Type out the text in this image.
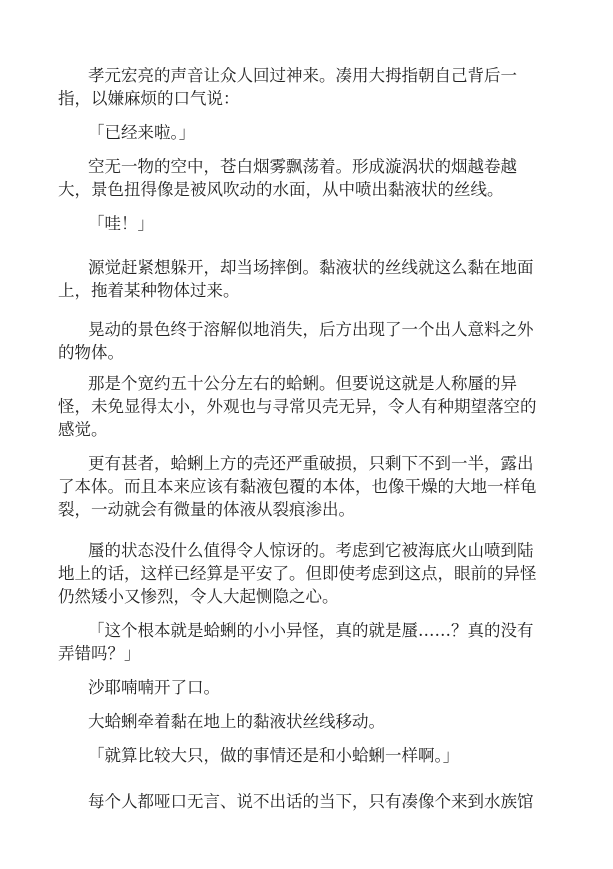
孝元宏亮的声音让众人回过神来。凑用大拇指朝自己背后一
指，以嫌麻烦的口气说：
「已经来啦。」
空无一物的空中，苍白烟雾飘荡着。形成漩涡状的烟越卷越
大，景色扭得像是被风吹动的水面，从中喷出黏液状的丝线。
「哇！」
源觉赶紧想躲开，却当场摔倒。黏液状的丝线就这么黏在地面
上，拖着某种物体过来。
晃动的景色终于溶解似地消失，后方出现了一个出人意料之外
的物体。
那是个宽约五十公分左右的蛤蜊。但要说这就是人称蜃的异
怪，未免显得太小，外观也与寻常贝壳无异，令人有种期望落空的
感觉。
更有甚者，蛤蜊上方的壳还严重破损，只剩下不到一半，露出
了本体。而且本来应该有黏液包覆的本体，也像干燥的大地一样龟
裂，一动就会有微量的体液从裂痕渗出。
蜃的状态没什么值得令人惊讶的。考虑到它被海底火山喷到陆
地上的话，这样已经算是平安了。但即使考虑到这点，眼前的异怪
仍然矮小又惨烈，令人大起恻隐之心。
「这个根本就是蛤蜊的小小异怪，真的就是蜃……？真的没有
弄错吗？」
沙耶喃喃开了口。
大蛤蜊牵着黏在地上的黏液状丝线移动。
「就算比较大只，做的事情还是和小蛤蜊一样啊。」
每个人都哑口无言、说不出话的当下，只有凑像个来到水族馆
